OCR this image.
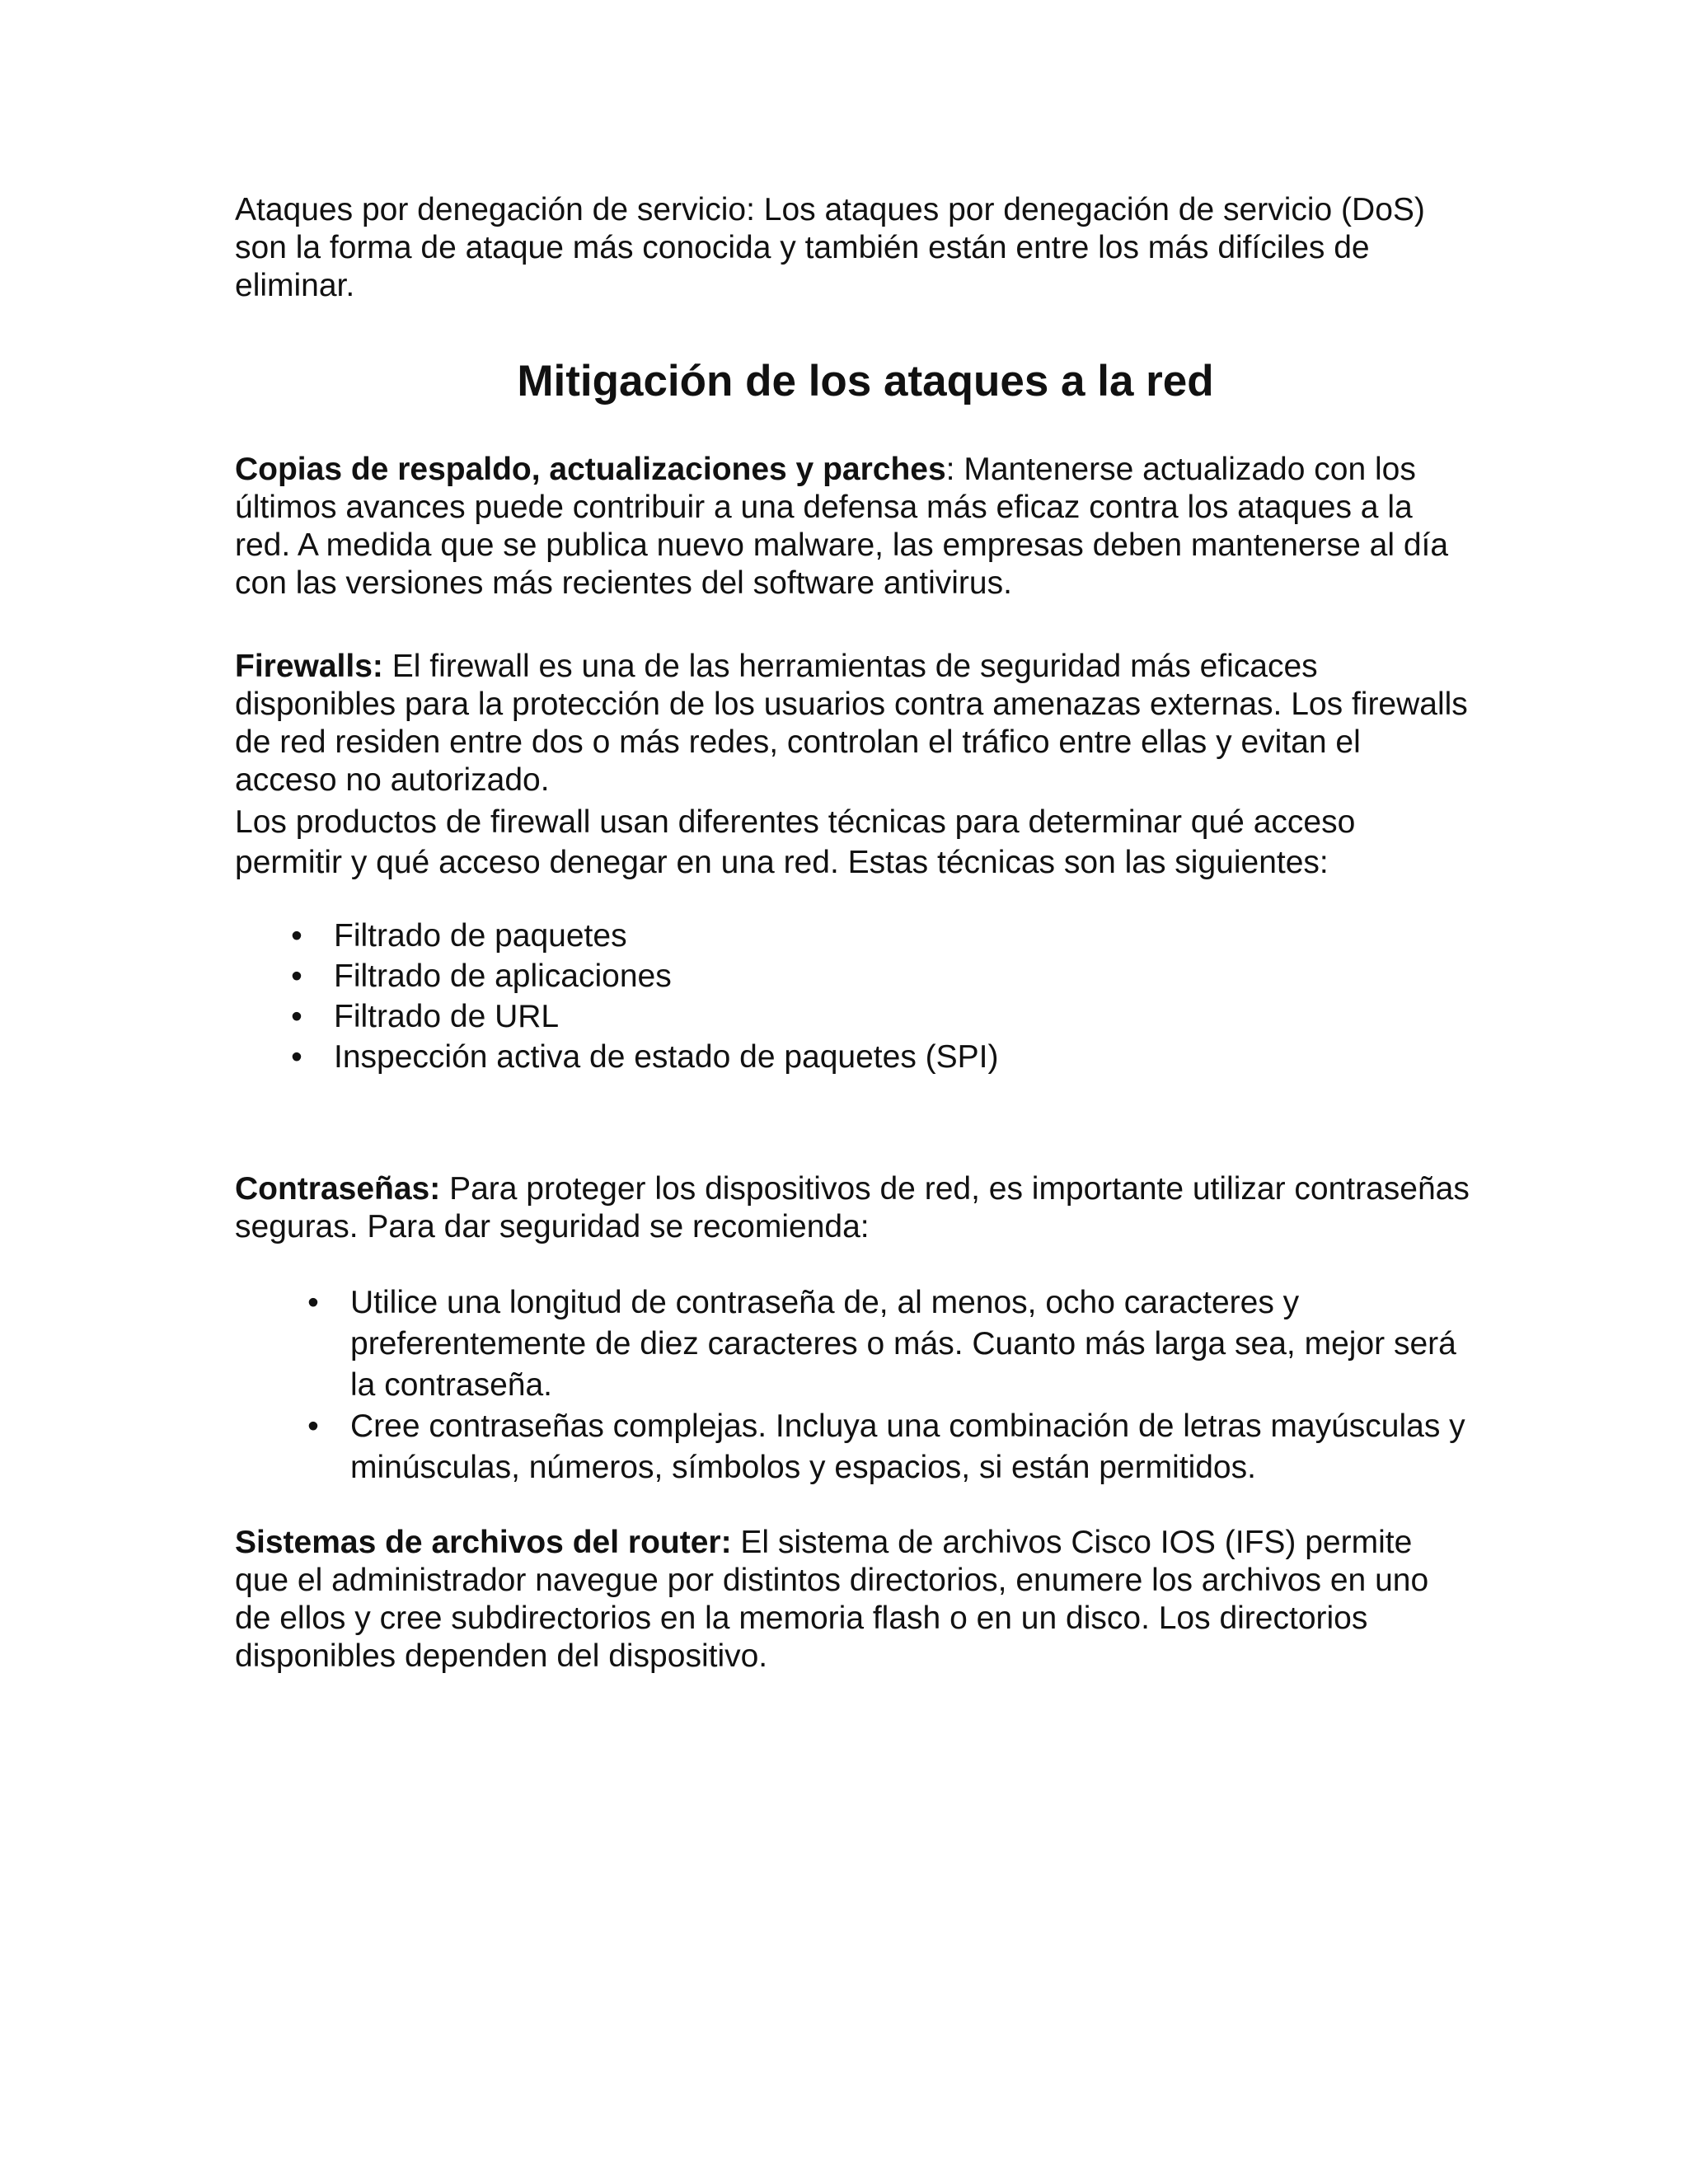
Ataques por denegación de servicio: Los ataques por denegación de servicio (DoS) son la forma de ataque más conocida y también están entre los más difíciles de eliminar.

Mitigación de los ataques a la red

Copias de respaldo, actualizaciones y parches: Mantenerse actualizado con los últimos avances puede contribuir a una defensa más eficaz contra los ataques a la red. A medida que se publica nuevo malware, las empresas deben mantenerse al día con las versiones más recientes del software antivirus.

Firewalls: El firewall es una de las herramientas de seguridad más eficaces disponibles para la protección de los usuarios contra amenazas externas. Los firewalls de red residen entre dos o más redes, controlan el tráfico entre ellas y evitan el acceso no autorizado.

Los productos de firewall usan diferentes técnicas para determinar qué acceso permitir y qué acceso denegar en una red. Estas técnicas son las siguientes:

• Filtrado de paquetes
• Filtrado de aplicaciones
• Filtrado de URL
• Inspección activa de estado de paquetes (SPI)

Contraseñas: Para proteger los dispositivos de red, es importante utilizar contraseñas seguras. Para dar seguridad se recomienda:

• Utilice una longitud de contraseña de, al menos, ocho caracteres y preferentemente de diez caracteres o más. Cuanto más larga sea, mejor será la contraseña.
• Cree contraseñas complejas. Incluya una combinación de letras mayúsculas y minúsculas, números, símbolos y espacios, si están permitidos.

Sistemas de archivos del router: El sistema de archivos Cisco IOS (IFS) permite que el administrador navegue por distintos directorios, enumere los archivos en uno de ellos y cree subdirectorios en la memoria flash o en un disco. Los directorios disponibles dependen del dispositivo.
